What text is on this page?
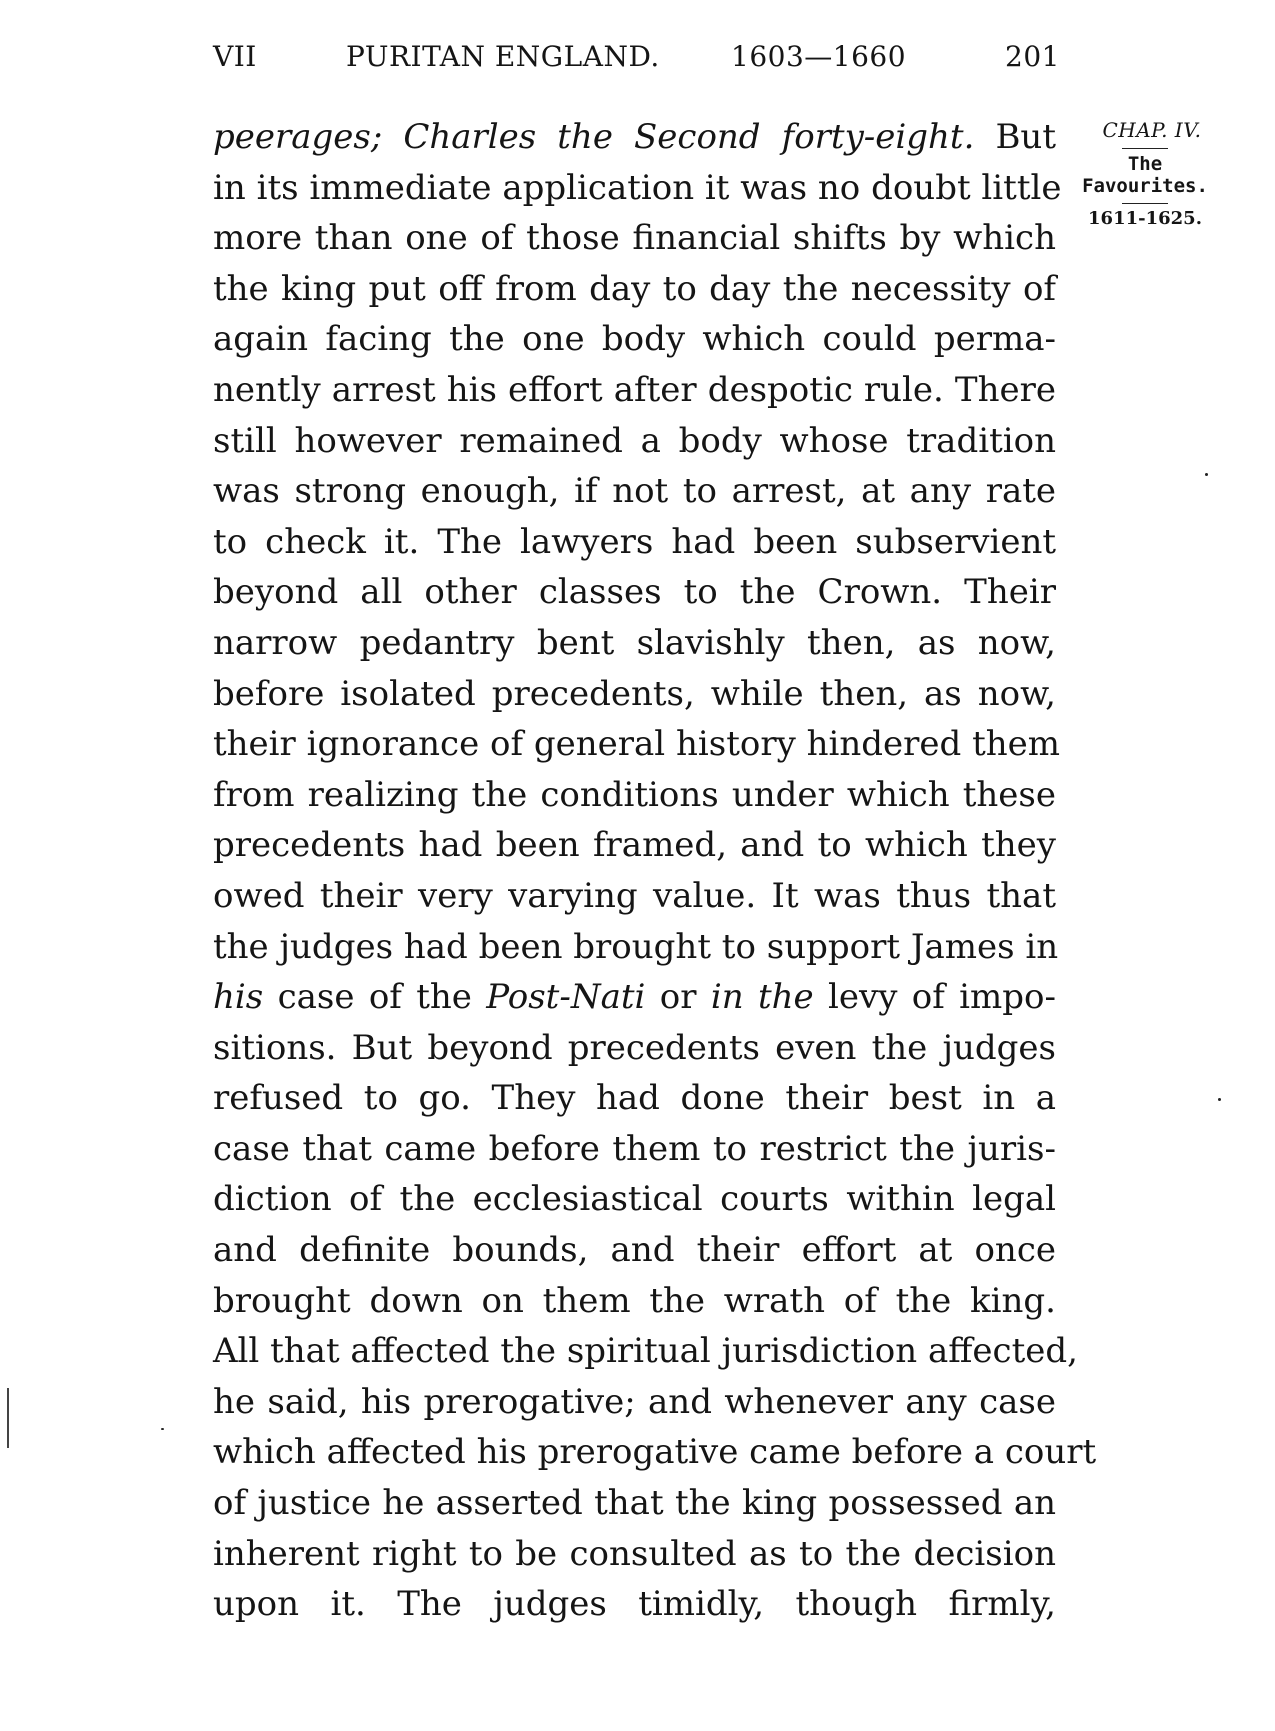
VII	PURITAN ENGLAND.	1603—1660	201
peerages; Charles the Second forty-eight. But
in its immediate application it was no doubt little
more than one of those financial shifts by which
the king put off from day to day the necessity of
again facing the one body which could perma-
nently arrest his effort after despotic rule. There
still however remained a body whose tradition
was strong enough, if not to arrest, at any rate
to check it. The lawyers had been subservient
beyond all other classes to the Crown. Their
narrow pedantry bent slavishly then, as now,
before isolated precedents, while then, as now,
their ignorance of general history hindered them
from realizing the conditions under which these
precedents had been framed, and to which they
owed their very varying value. It was thus that
the judges had been brought to support James in
his case of the Post-Nati or in the levy of impo-
sitions. But beyond precedents even the judges
refused to go. They had done their best in a
case that came before them to restrict the juris-
diction of the ecclesiastical courts within legal
and definite bounds, and their effort at once
brought down on them the wrath of the king.
All that affected the spiritual jurisdiction affected,
he said, his prerogative; and whenever any case
which affected his prerogative came before a court
of justice he asserted that the king possessed an
inherent right to be consulted as to the decision
upon it. The judges timidly, though firmly,
CHAP. IV.
The
Favourites.
1611-1625.
